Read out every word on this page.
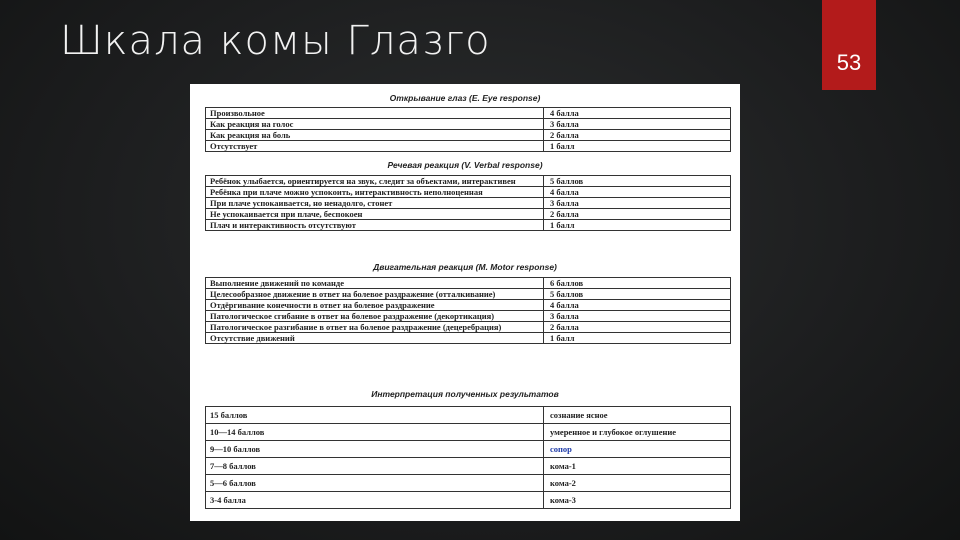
Шкала комы Глазго	53
Открывание глаз (E. Eye response)
Произвольное	4 балла
Как реакция на голос	3 балла
Как реакция на боль	2 балла
Отсутствует	1 балл
Речевая реакция (V. Verbal response)
Ребёнок улыбается, ориентируется на звук, следит за объектами, интерактивен	5 баллов
Ребёнка при плаче можно успокоить, интерактивность неполноценная	4 балла
При плаче успокаивается, но ненадолго, стонет	3 балла
Не успокаивается при плаче, беспокоен	2 балла
Плач и интерактивность отсутствуют	1 балл
Двигательная реакция (M. Motor response)
Выполнение движений по команде	6 баллов
Целесообразное движение в ответ на болевое раздражение (отталкивание)	5 баллов
Отдёргивание конечности в ответ на болевое раздражение	4 балла
Патологическое сгибание в ответ на болевое раздражение (декортикация)	3 балла
Патологическое разгибание в ответ на болевое раздражение (децеребрация)	2 балла
Отсутствие движений	1 балл
Интерпретация полученных результатов
15 баллов	сознание ясное
10—14 баллов	умеренное и глубокое оглушение
9—10 баллов	сопор
7—8 баллов	кома-1
5—6 баллов	кома-2
3-4 балла	кома-3
